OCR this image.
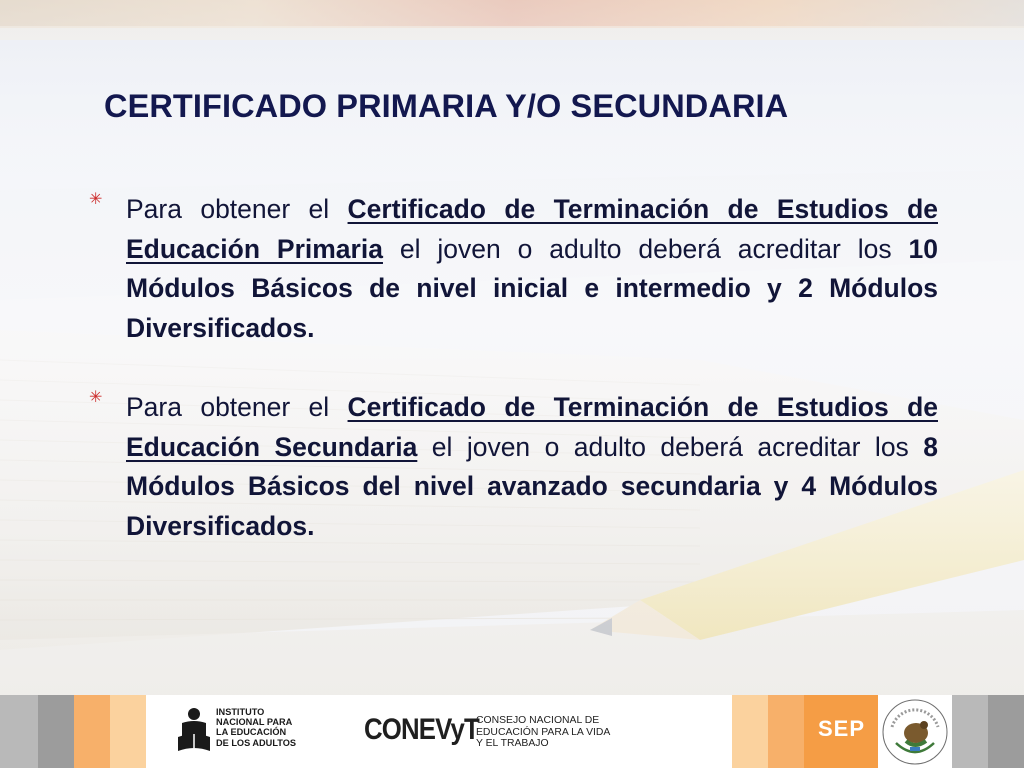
CERTIFICADO PRIMARIA Y/O SECUNDARIA
✳ Para obtener el Certificado de Terminación de Estudios de Educación Primaria el joven o adulto deberá acreditar los 10 Módulos Básicos de nivel inicial e intermedio y 2 Módulos Diversificados.

✳ Para obtener el Certificado de Terminación de Estudios de Educación Secundaria el joven o adulto deberá acreditar los 8 Módulos Básicos del nivel avanzado secundaria y 4 Módulos Diversificados.

INSTITUTO
NACIONAL PARA
LA EDUCACIÓN
DE LOS ADULTOS CONEVyT
CONSEJO NACIONAL DE
EDUCACIÓN PARA LA VIDA
Y EL TRABAJO
SEP
